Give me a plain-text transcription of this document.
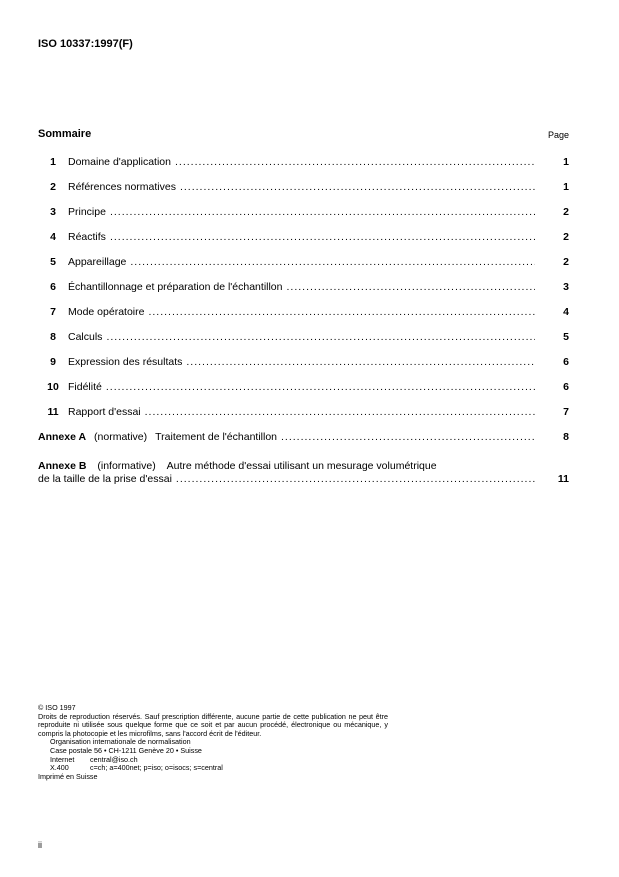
ISO 10337:1997(F)
Sommaire	Page
1	Domaine d'application .....	1
2	Références normatives .....	1
3	Principe .....	2
4	Réactifs .....	2
5	Appareillage .....	2
6	Échantillonnage et préparation de l'échantillon .....	3
7	Mode opératoire .....	4
8	Calculs .....	5
9	Expression des résultats .....	6
10 Fidélité .....	6
11 Rapport d'essai .....	7
Annexe A (normative) Traitement de l'échantillon .....	8
Annexe B (informative) Autre méthode d'essai utilisant un mesurage volumétrique
de la taille de la prise d'essai .....	11
© ISO 1997
Droits de reproduction réservés. Sauf prescription différente, aucune partie de cette publication ne peut être reproduite ni utilisée sous quelque forme que ce soit et par aucun procédé, électronique ou mécanique, y compris la photocopie et les microfilms, sans l'accord écrit de l'éditeur.
Organisation internationale de normalisation
Case postale 56 • CH-1211 Genève 20 • Suisse
Internet	central@iso.ch
X.400	c=ch; a=400net; p=iso; o=isocs; s=central
Imprimé en Suisse
ii
